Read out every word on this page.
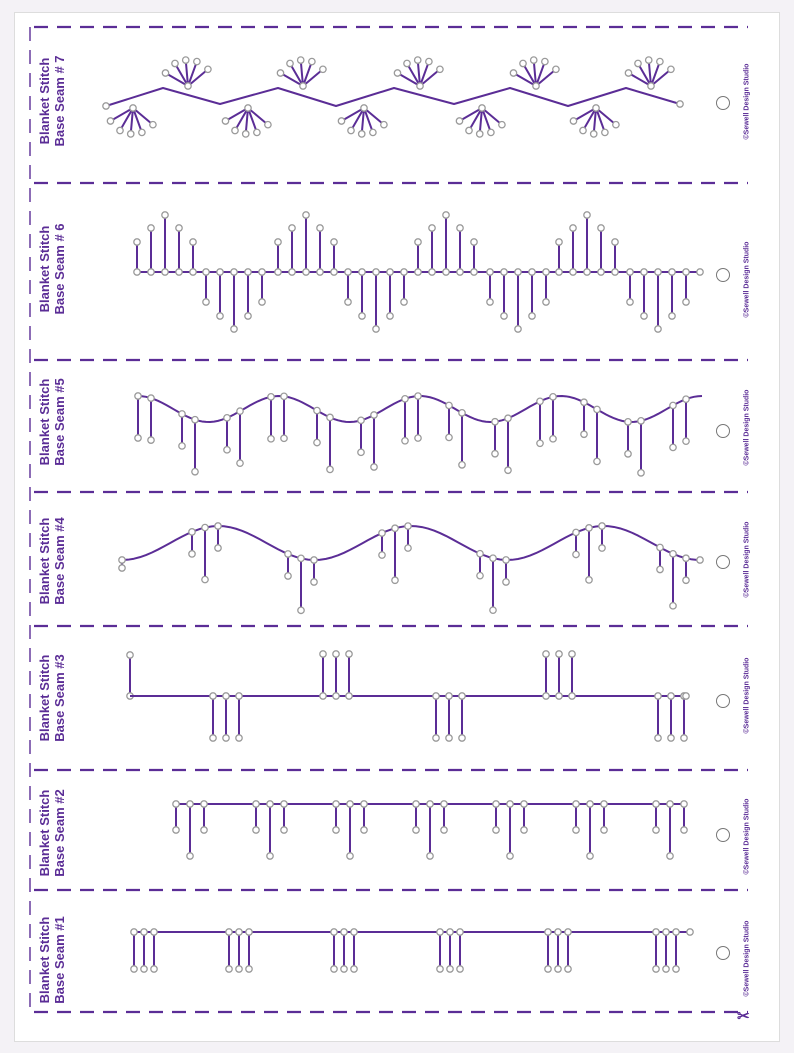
Blanket Stitch Base Seam # 7
Blanket Stitch Base Seam # 6
Blanket Stitch Base Seam #5
Blanket Stitch Base Seam #4
Blanket Stitch Base Seam #3
Blanket Stitch Base Seam #2
Blanket Stitch Base Seam #1
©Sewell Design Studio
©Sewell Design Studio
©Sewell Design Studio
©Sewell Design Studio
©Sewell Design Studio
©Sewell Design Studio
©Sewell Design Studio
✂
